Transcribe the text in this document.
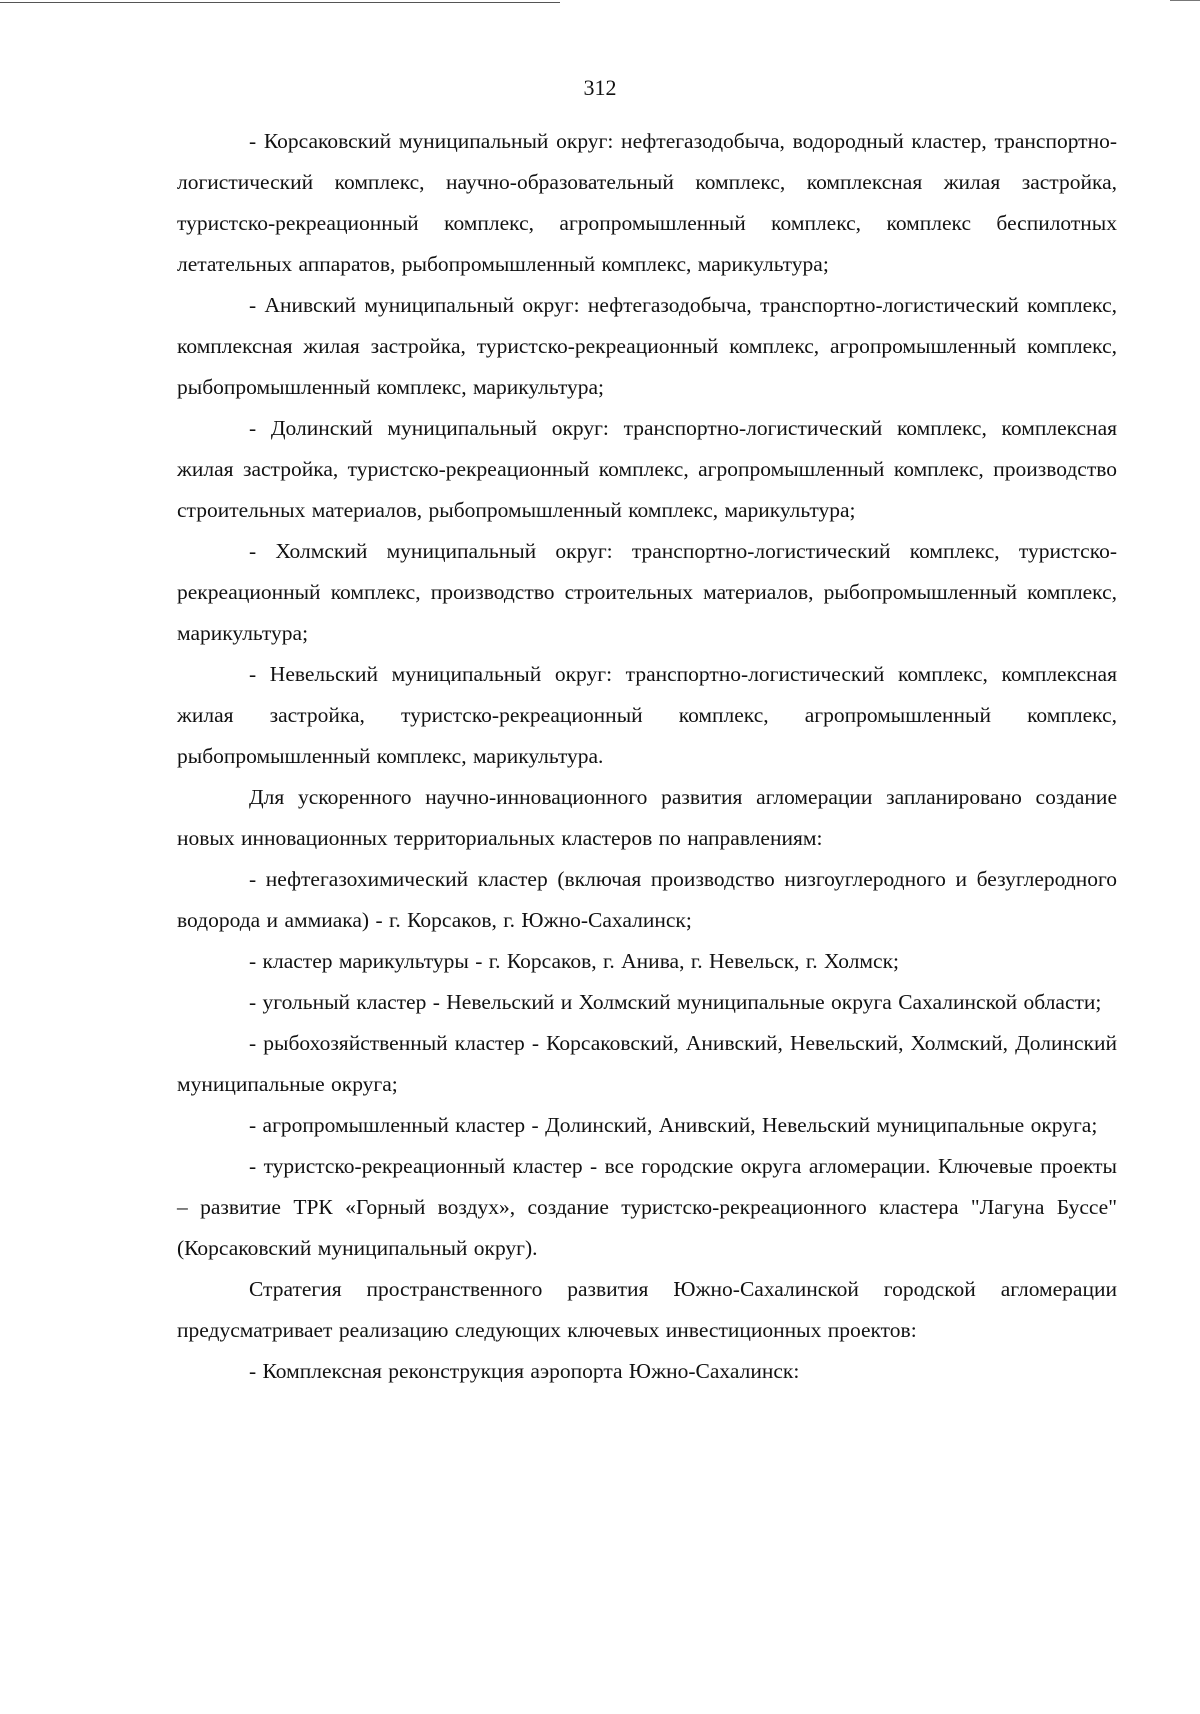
312

- Корсаковский муниципальный округ: нефтегазодобыча, водородный кластер, транспортно-логистический комплекс, научно-образовательный комплекс, комплексная жилая застройка, туристско-рекреационный комплекс, агропромышленный комплекс, комплекс беспилотных летательных аппаратов, рыбопромышленный комплекс, марикультура;

- Анивский муниципальный округ: нефтегазодобыча, транспортно-логистический комплекс, комплексная жилая застройка, туристско-рекреационный комплекс, агропромышленный комплекс, рыбопромышленный комплекс, марикультура;

- Долинский муниципальный округ: транспортно-логистический комплекс, комплексная жилая застройка, туристско-рекреационный комплекс, агропромышленный комплекс, производство строительных материалов, рыбопромышленный комплекс, марикультура;

- Холмский муниципальный округ: транспортно-логистический комплекс, туристско-рекреационный комплекс, производство строительных материалов, рыбопромышленный комплекс, марикультура;

- Невельский муниципальный округ: транспортно-логистический комплекс, комплексная жилая застройка, туристско-рекреационный комплекс, агропромышленный комплекс, рыбопромышленный комплекс, марикультура.

Для ускоренного научно-инновационного развития агломерации запланировано создание новых инновационных территориальных кластеров по направлениям:

- нефтегазохимический кластер (включая производство низгоуглеродного и безуглеродного водорода и аммиака) - г. Корсаков, г. Южно-Сахалинск;

- кластер марикультуры - г. Корсаков, г. Анива, г. Невельск, г. Холмск;

- угольный кластер - Невельский и Холмский муниципальные округа Сахалинской области;

- рыбохозяйственный кластер - Корсаковский, Анивский, Невельский, Холмский, Долинский муниципальные округа;

- агропромышленный кластер - Долинский, Анивский, Невельский муниципальные округа;

- туристско-рекреационный кластер - все городские округа агломерации. Ключевые проекты – развитие ТРК «Горный воздух», создание туристско-рекреационного кластера "Лагуна Буссе" (Корсаковский муниципальный округ).

Стратегия пространственного развития Южно-Сахалинской городской агломерации предусматривает реализацию следующих ключевых инвестиционных проектов:

- Комплексная реконструкция аэропорта Южно-Сахалинск:
